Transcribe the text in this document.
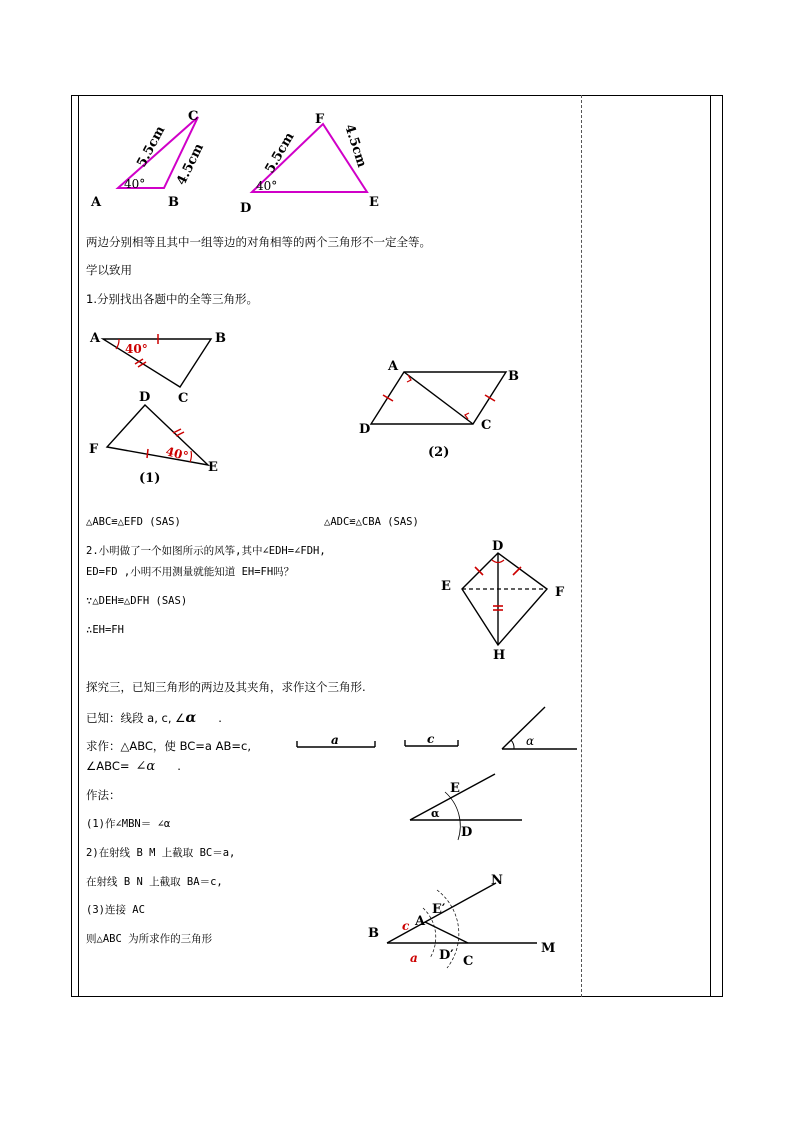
A	B
C
5.5cm 4.5cm
40°
D	E
F
5.5cm	4.5cm
40°
两边分别相等且其中一组等边的对角相等的两个三角形不一定全等。
学以致用
1.分别找出各题中的全等三角形。
A	B
C
40°
D
F
E
40°
(1)
A
B
C
D
(2)
△ABC≌△EFD (SAS)	△ADC≌△CBA (SAS)
2.小明做了一个如图所示的风筝,其中∠EDH=∠FDH,
ED=FD ,小明不用测量就能知道 EH=FH吗？
∵△DEH≌△DFH (SAS)
∴EH=FH
D
E	F
H
探究三，已知三角形的两边及其夹角，求作这个三角形.
已知：线段 a, c, ∠α .
求作：△ABC，使 BC=a AB=c,
∠ABC= ∠α .
作法：
(1)作∠MBN＝ ∠α
2)在射线 B M 上截取 BC＝a,
在射线 B N 上截取 BA＝c,
(3)连接 AC
则△ABC 为所求作的三角形
a	c	α
E
D
α
N
E′
A
B c
D′ C
M
a
